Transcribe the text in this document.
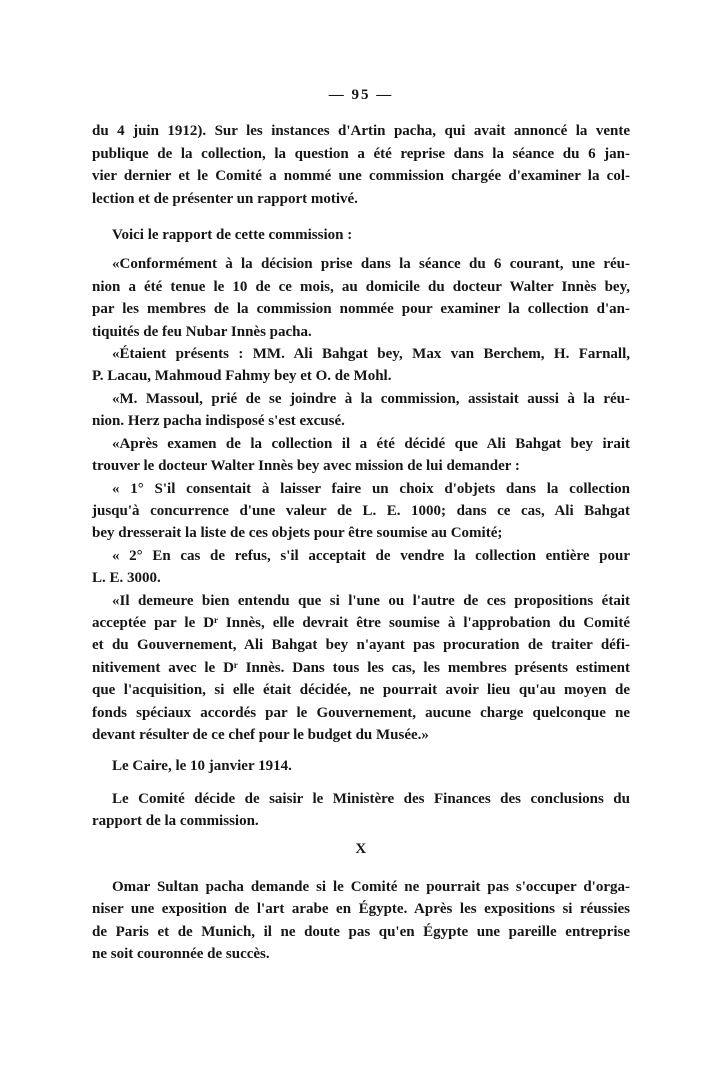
— 95 —
du 4 juin 1912). Sur les instances d'Artin pacha, qui avait annoncé la vente
publique de la collection, la question a été reprise dans la séance du 6 jan-
vier dernier et le Comité a nommé une commission chargée d'examiner la col-
lection et de présenter un rapport motivé.
Voici le rapport de cette commission :
«Conformément à la décision prise dans la séance du 6 courant, une réu-
nion a été tenue le 10 de ce mois, au domicile du docteur Walter Innès bey,
par les membres de la commission nommée pour examiner la collection d'an-
tiquités de feu Nubar Innès pacha.
«Étaient présents : MM. Ali Bahgat bey, Max van Berchem, H. Farnall,
P. Lacau, Mahmoud Fahmy bey et O. de Mohl.
«M. Massoul, prié de se joindre à la commission, assistait aussi à la réu-
nion. Herz pacha indisposé s'est excusé.
«Après examen de la collection il a été décidé que Ali Bahgat bey irait
trouver le docteur Walter Innès bey avec mission de lui demander :
« 1° S'il consentait à laisser faire un choix d'objets dans la collection
jusqu'à concurrence d'une valeur de L. E. 1000; dans ce cas, Ali Bahgat
bey dresserait la liste de ces objets pour être soumise au Comité;
« 2° En cas de refus, s'il acceptait de vendre la collection entière pour
L. E. 3000.
«Il demeure bien entendu que si l'une ou l'autre de ces propositions était
acceptée par le Dʳ Innès, elle devrait être soumise à l'approbation du Comité
et du Gouvernement, Ali Bahgat bey n'ayant pas procuration de traiter défi-
nitivement avec le Dʳ Innès. Dans tous les cas, les membres présents estiment
que l'acquisition, si elle était décidée, ne pourrait avoir lieu qu'au moyen de
fonds spéciaux accordés par le Gouvernement, aucune charge quelconque ne
devant résulter de ce chef pour le budget du Musée.»
Le Caire, le 10 janvier 1914.
Le Comité décide de saisir le Ministère des Finances des conclusions du
rapport de la commission.
X
Omar Sultan pacha demande si le Comité ne pourrait pas s'occuper d'orga-
niser une exposition de l'art arabe en Égypte. Après les expositions si réussies
de Paris et de Munich, il ne doute pas qu'en Égypte une pareille entreprise
ne soit couronnée de succès.
